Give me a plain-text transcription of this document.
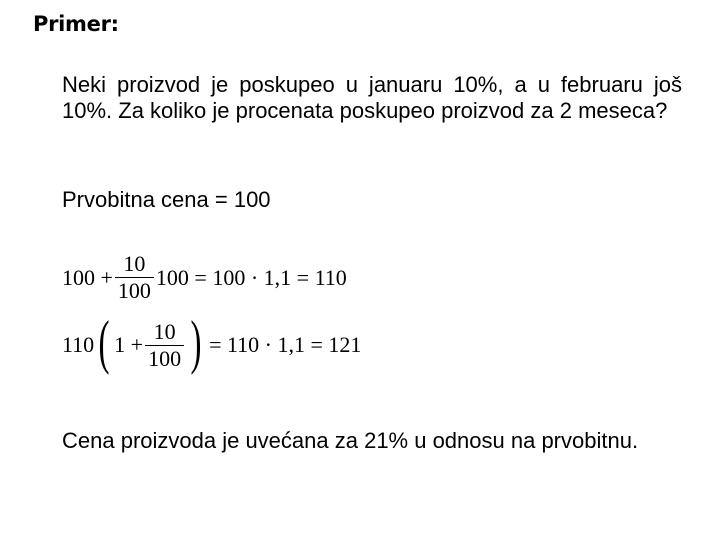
Primer:

Neki proizvod je poskupeo u januaru 10%, a u februaru još 10%. Za koliko je procenata poskupeo proizvod za 2 meseca?

Prvobitna cena = 100

$100 + \frac{10}{100} 100 = 100 \cdot 1,1 = 110$
110 ( $1 + \frac{10}{100}$ ) = 110 · 1,1 = 121

Cena proizvoda je uvećana za 21% u odnosu na prvobitnu.
